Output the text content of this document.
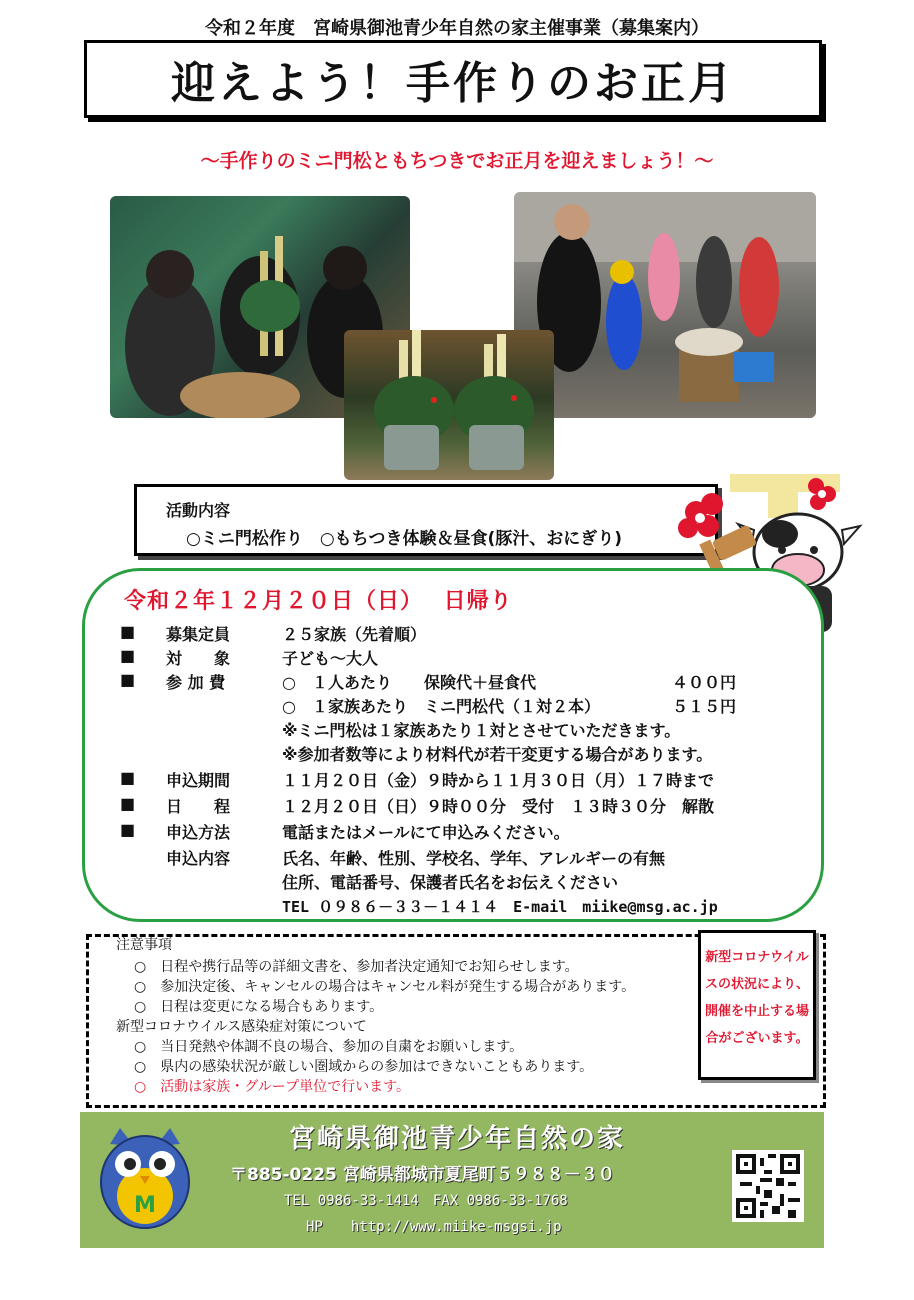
令和２年度　宮崎県御池青少年自然の家主催事業（募集案内）
迎えよう！手作りのお正月
～手作りのミニ門松ともちつきでお正月を迎えましょう！～
活動内容
○ミニ門松作り　○もちつき体験＆昼食(豚汁、おにぎり)
令和２年１２月２０日（日）　 日帰り
■ 募集定員	２５家族（先着順）
■ 対　　象	子ども～大人
■ 参 加 費	○　１人あたり　　保険代＋昼食代	４００円
○　１家族あたり　ミニ門松代（１対２本）	５１５円
※ミニ門松は１家族あたり１対とさせていただきます。
※参加者数等により材料代が若干変更する場合があります。
■ 申込期間	１１月２０日（金）９時から１１月３０日（月）１７時まで
■ 日　　程	１２月２０日（日）９時００分　受付　１３時３０分　解散
■ 申込方法	電話またはメールにて申込みください。
申込内容	氏名、年齢、性別、学校名、学年、アレルギーの有無
住所、電話番号、保護者氏名をお伝えください
TEL ０９８６－３３－１４１４　E-mail　miike@msg.ac.jp
注意事項
○　日程や携行品等の詳細文書を、参加者決定通知でお知らせします。
○　参加決定後、キャンセルの場合はキャンセル料が発生する場合があります。
○　日程は変更になる場合もあります。
新型コロナウイルス感染症対策について
○　当日発熱や体調不良の場合、参加の自粛をお願いします。
○　県内の感染状況が厳しい圏域からの参加はできないこともあります。
○　活動は家族・グループ単位で行います。
新型コロナウイルスの状況により、開催を中止する場合がございます。
M
宮崎県御池青少年自然の家
〒885-0225 宮崎県都城市夏尾町５９８８－３０
TEL 0986-33-1414　FAX 0986-33-1768
HP　　http://www.miike-msgsi.jp
